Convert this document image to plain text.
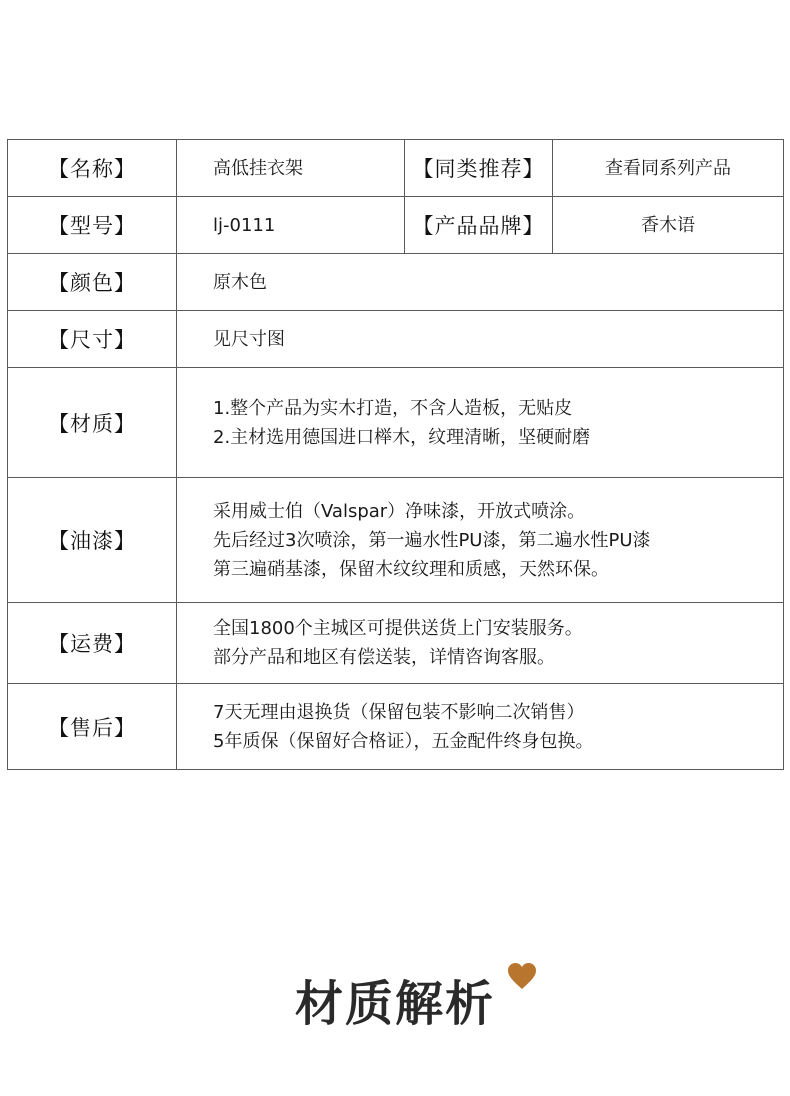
【名称】	高低挂衣架	【同类推荐】	查看同系列产品
【型号】	lj-0111	【产品品牌】	香木语
【颜色】	原木色		
【尺寸】	见尺寸图		
【材质】	1.整个产品为实木打造，不含人造板，无贴皮
2.主材选用德国进口榉木，纹理清晰，坚硬耐磨		

【油漆】	采用威士伯（Valspar）净味漆，开放式喷涂。
先后经过3次喷涂，第一遍水性PU漆，第二遍水性PU漆
第三遍硝基漆，保留木纹纹理和质感，天然环保。		

【运费】	全国1800个主城区可提供送货上门安装服务。
部分产品和地区有偿送装，详情咨询客服。		

【售后】	7天无理由退换货（保留包装不影响二次销售）
5年质保（保留好合格证），五金配件终身包换。		
材质解析
